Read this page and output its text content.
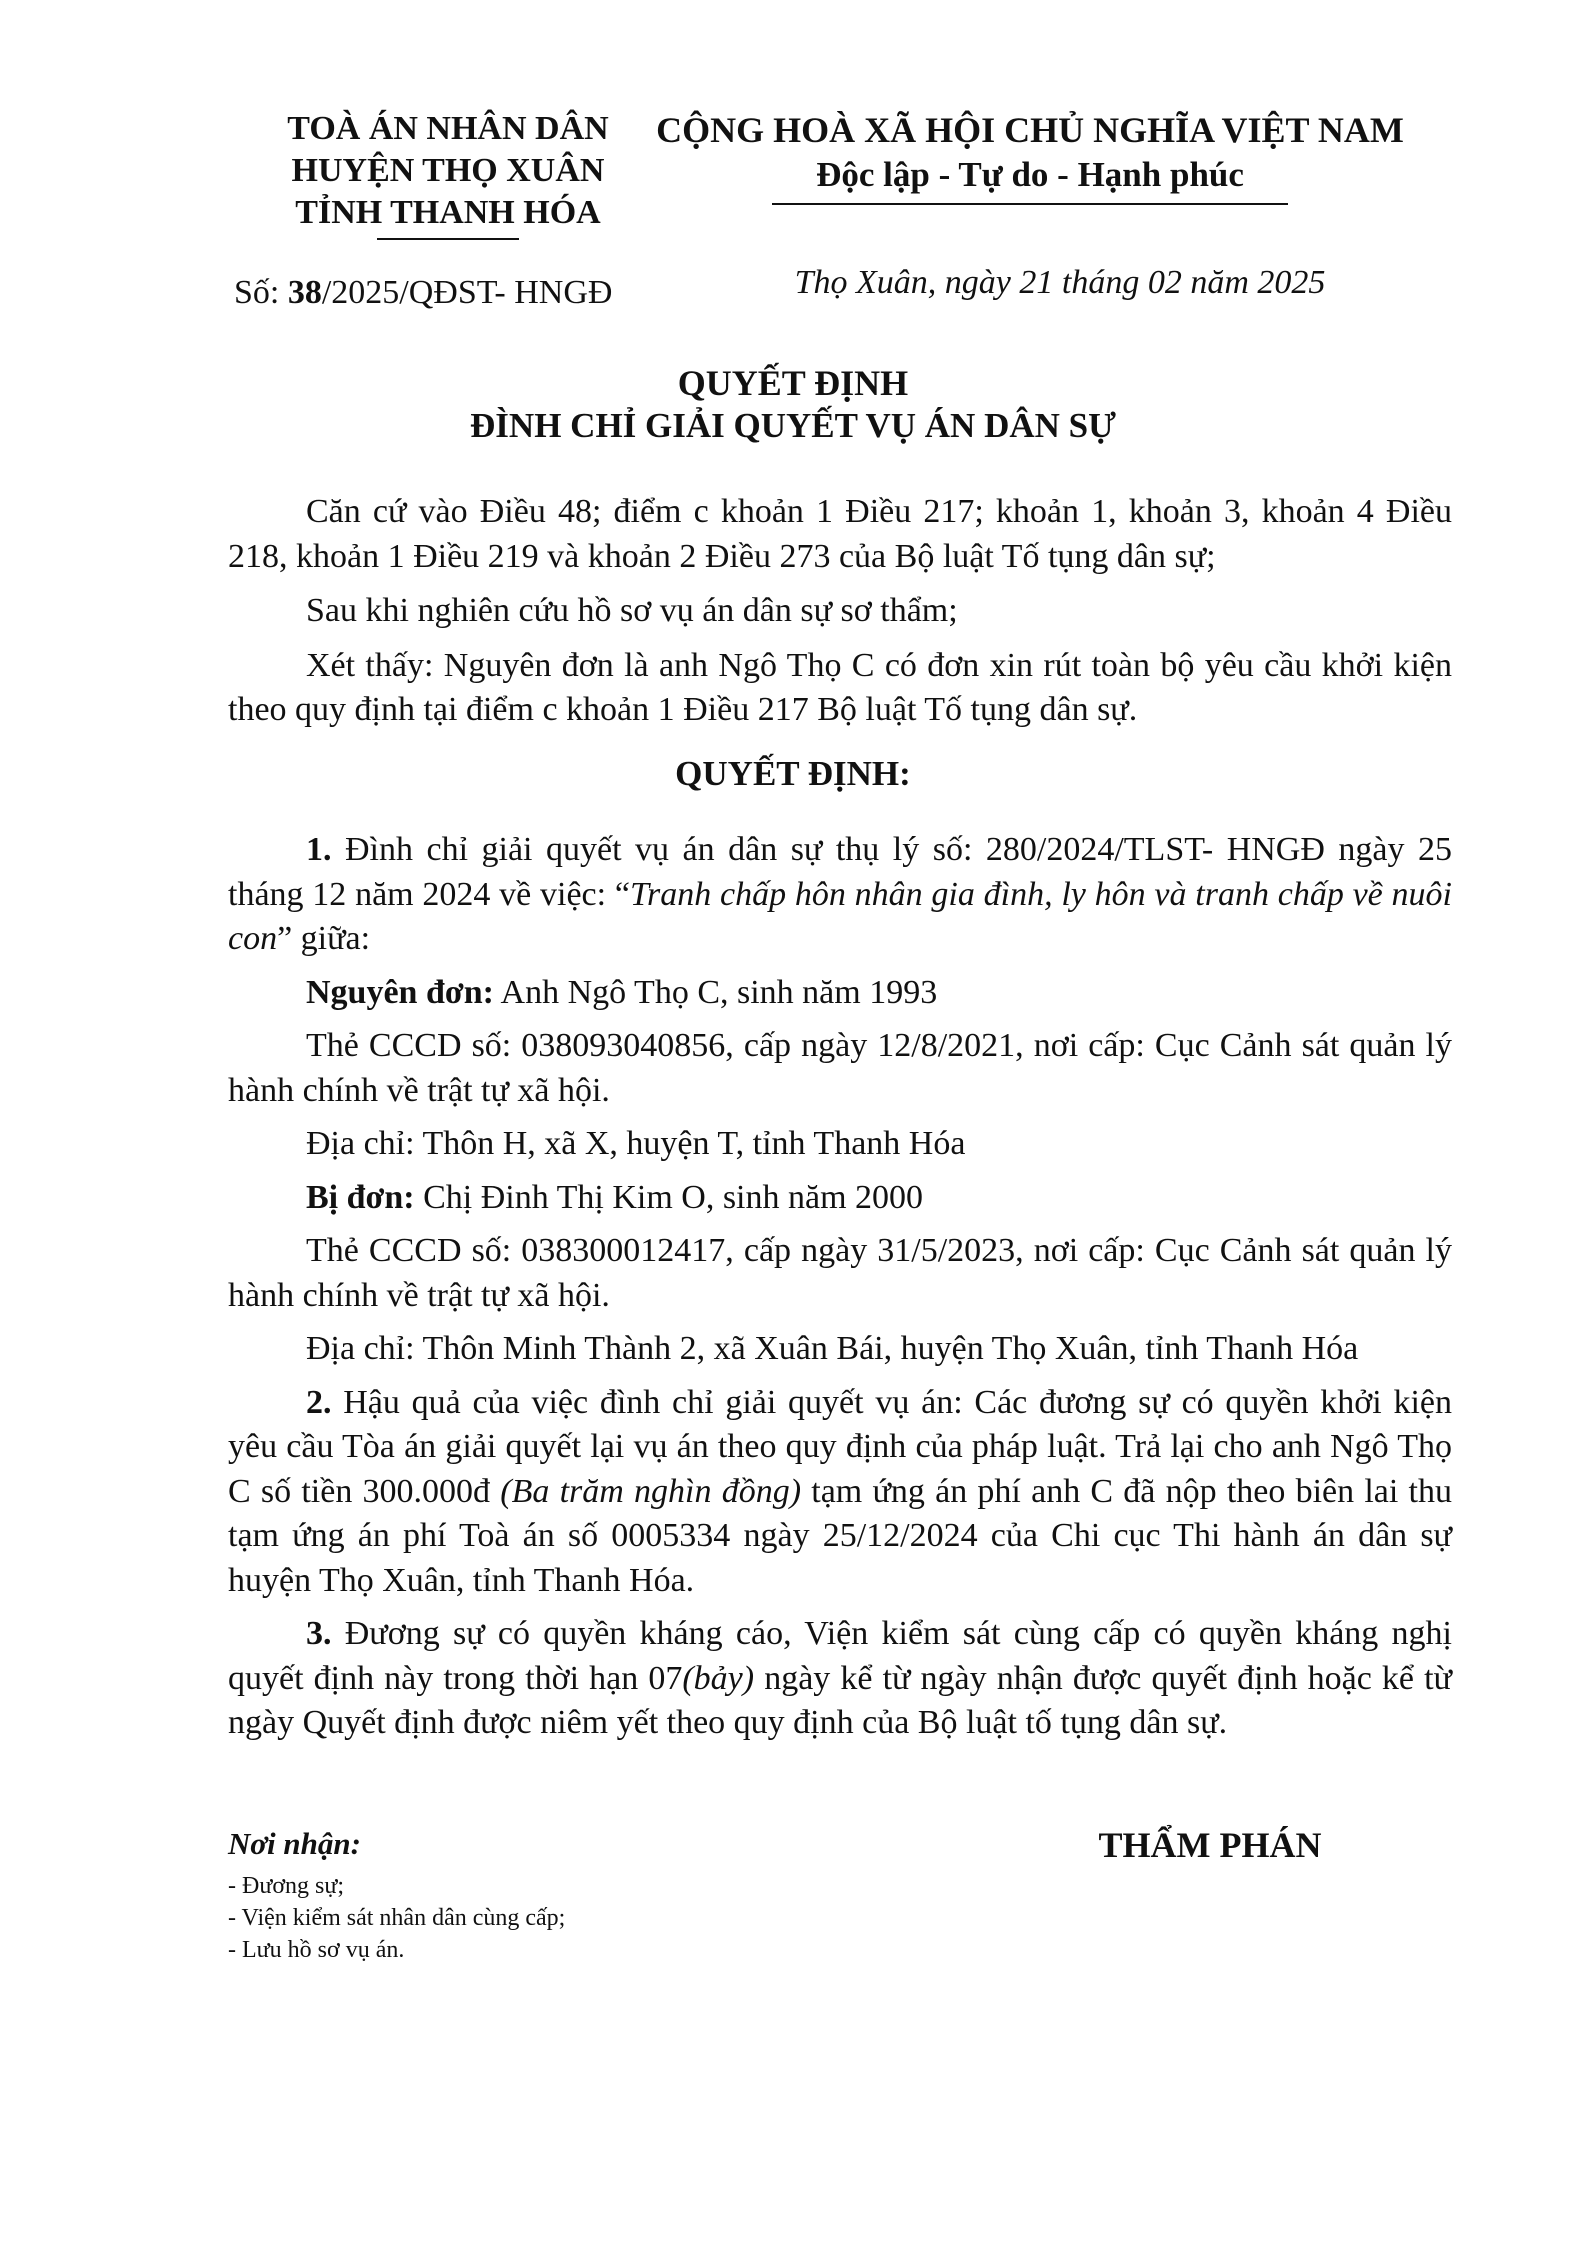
TOÀ ÁN NHÂN DÂN
HUYỆN THỌ XUÂN
TỈNH THANH HÓA
CỘNG HOÀ XÃ HỘI CHỦ NGHĨA VIỆT NAM
Độc lập - Tự do - Hạnh phúc
Số: 38/2025/QĐST- HNGĐ	Thọ Xuân, ngày 21 tháng 02 năm 2025
QUYẾT ĐỊNH
ĐÌNH CHỈ GIẢI QUYẾT VỤ ÁN DÂN SỰ

Căn cứ vào Điều 48; điểm c khoản 1 Điều 217; khoản 1, khoản 3, khoản 4 Điều 218, khoản 1 Điều 219 và khoản 2 Điều 273 của Bộ luật Tố tụng dân sự;

Sau khi nghiên cứu hồ sơ vụ án dân sự sơ thẩm;

Xét thấy: Nguyên đơn là anh Ngô Thọ C có đơn xin rút toàn bộ yêu cầu khởi kiện theo quy định tại điểm c khoản 1 Điều 217 Bộ luật Tố tụng dân sự.

QUYẾT ĐỊNH:

1. Đình chỉ giải quyết vụ án dân sự thụ lý số: 280/2024/TLST- HNGĐ ngày 25 tháng 12 năm 2024 về việc: “Tranh chấp hôn nhân gia đình, ly hôn và tranh chấp về nuôi con” giữa:

Nguyên đơn: Anh Ngô Thọ C, sinh năm 1993

Thẻ CCCD số: 038093040856, cấp ngày 12/8/2021, nơi cấp: Cục Cảnh sát quản lý hành chính về trật tự xã hội.

Địa chỉ: Thôn H, xã X, huyện T, tỉnh Thanh Hóa

Bị đơn: Chị Đinh Thị Kim O, sinh năm 2000

Thẻ CCCD số: 038300012417, cấp ngày 31/5/2023, nơi cấp: Cục Cảnh sát quản lý hành chính về trật tự xã hội.

Địa chỉ: Thôn Minh Thành 2, xã Xuân Bái, huyện Thọ Xuân, tỉnh Thanh Hóa

2. Hậu quả của việc đình chỉ giải quyết vụ án: Các đương sự có quyền khởi kiện yêu cầu Tòa án giải quyết lại vụ án theo quy định của pháp luật. Trả lại cho anh Ngô Thọ C số tiền 300.000đ (Ba trăm nghìn đồng) tạm ứng án phí anh C đã nộp theo biên lai thu tạm ứng án phí Toà án số 0005334 ngày 25/12/2024 của Chi cục Thi hành án dân sự huyện Thọ Xuân, tỉnh Thanh Hóa.

3. Đương sự có quyền kháng cáo, Viện kiểm sát cùng cấp có quyền kháng nghị quyết định này trong thời hạn 07(bảy) ngày kể từ ngày nhận được quyết định hoặc kể từ ngày Quyết định được niêm yết theo quy định của Bộ luật tố tụng dân sự.

Nơi nhận:
- Đương sự;
- Viện kiểm sát nhân dân cùng cấp;
- Lưu hồ sơ vụ án.
THẨM PHÁN
